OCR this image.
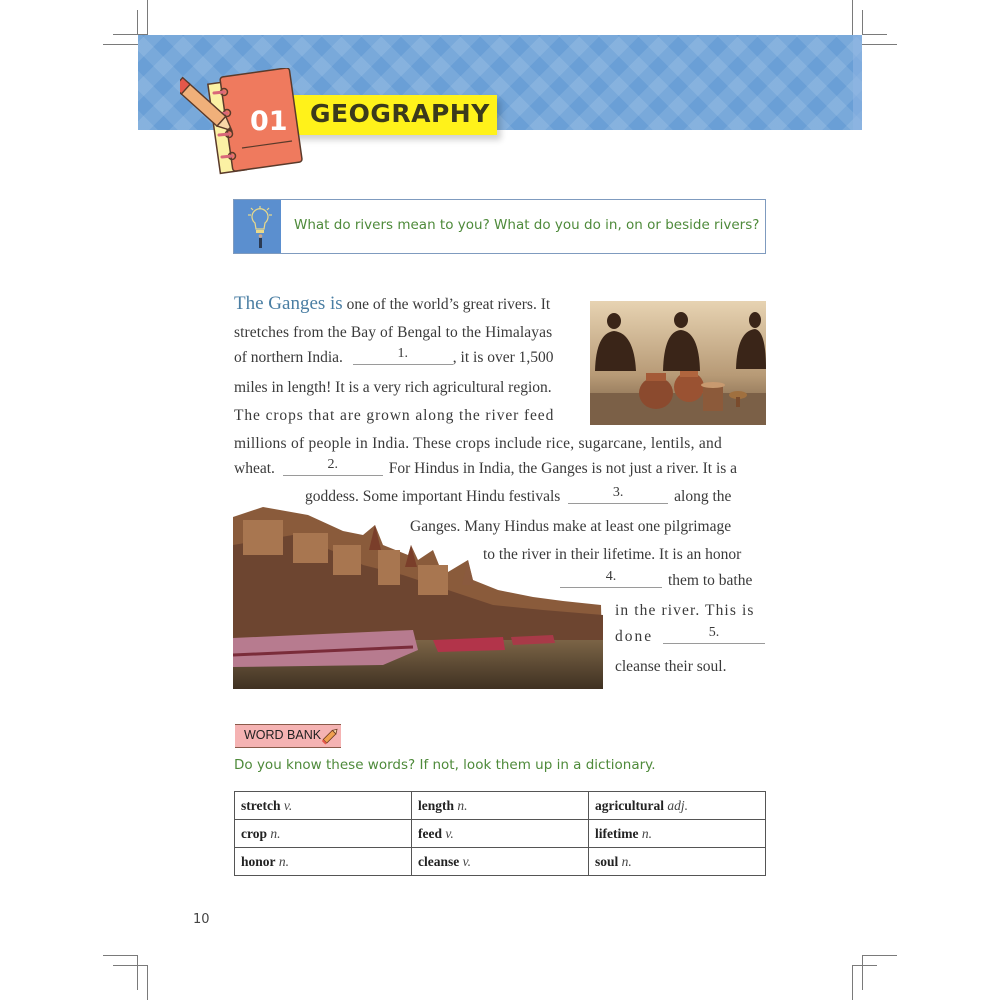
GEOGRAPHY
01
What do rivers mean to you? What do you do in, on or beside rivers?
The Ganges is one of the world’s great rivers. It
stretches from the Bay of Bengal to the Himalayas
of northern India.	1.	, it is over 1,500
miles in length! It is a very rich agricultural region.
The crops that are grown along the river feed
millions of people in India. These crops include rice, sugarcane, lentils, and
wheat.	2.	For Hindus in India, the Ganges is not just a river. It is a
goddess. Some important Hindu festivals	3.	along the
Ganges. Many Hindus make at least one pilgrimage
to the river in their lifetime. It is an honor
4.	them to bathe
in the river. This is
done	5.
cleanse their soul.
WORD BANK
Do you know these words? If not, look them up in a dictionary.
stretch v.	length n.	agricultural adj.
crop n.	feed v.	lifetime n.
honor n.	cleanse v.	soul n.
10
